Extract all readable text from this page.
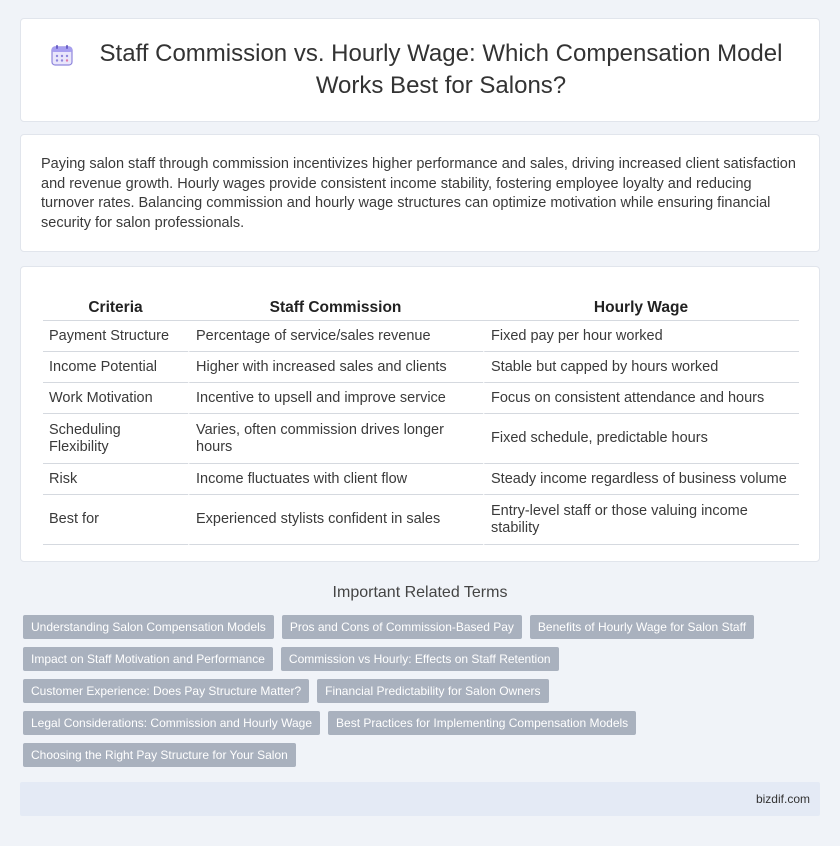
Staff Commission vs. Hourly Wage: Which Compensation Model Works Best for Salons?

Paying salon staff through commission incentivizes higher performance and sales, driving increased client satisfaction and revenue growth. Hourly wages provide consistent income stability, fostering employee loyalty and reducing turnover rates. Balancing commission and hourly wage structures can optimize motivation while ensuring financial security for salon professionals.

Criteria	Staff Commission	Hourly Wage
Payment Structure	Percentage of service/sales revenue	Fixed pay per hour worked
Income Potential	Higher with increased sales and clients	Stable but capped by hours worked
Work Motivation	Incentive to upsell and improve service	Focus on consistent attendance and hours
Scheduling Flexibility	Varies, often commission drives longer hours	Fixed schedule, predictable hours
Risk	Income fluctuates with client flow	Steady income regardless of business volume
Best for	Experienced stylists confident in sales	Entry-level staff or those valuing income stability
Important Related Terms
Understanding Salon Compensation Models	Pros and Cons of Commission-Based Pay	Benefits of Hourly Wage for Salon Staff
Impact on Staff Motivation and Performance	Commission vs Hourly: Effects on Staff Retention
Customer Experience: Does Pay Structure Matter?	Financial Predictability for Salon Owners
Legal Considerations: Commission and Hourly Wage	Best Practices for Implementing Compensation Models
Choosing the Right Pay Structure for Your Salon
bizdif.com
